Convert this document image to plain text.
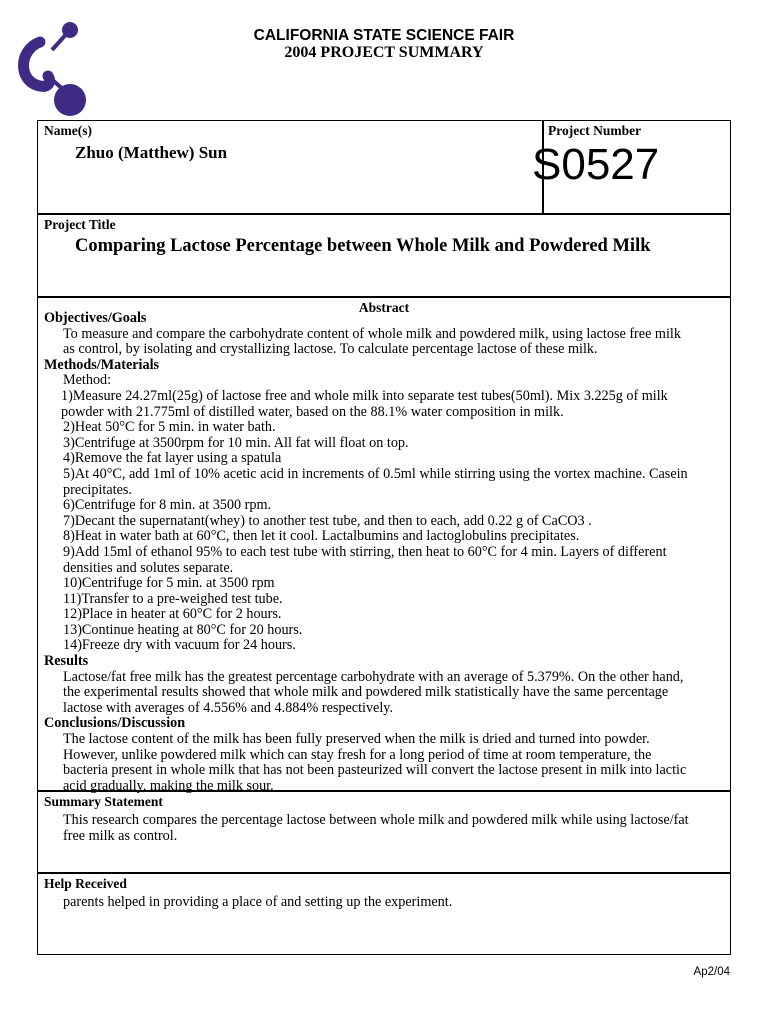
CALIFORNIA STATE SCIENCE FAIR
2004 PROJECT SUMMARY
Name(s)
Zhuo (Matthew) Sun
Project Number
S0527
Project Title
Comparing Lactose Percentage between Whole Milk and Powdered Milk
Abstract
Objectives/Goals
To measure and compare the carbohydrate content of whole milk and powdered milk, using lactose free milk as control, by isolating and crystallizing lactose. To calculate percentage lactose of these milk.
Methods/Materials
Method:
1)Measure 24.27ml(25g) of lactose free and whole milk into separate test tubes(50ml). Mix 3.225g of milk powder with 21.775ml of distilled water, based on the 88.1% water composition in milk.
2)Heat 50°C for 5 min. in water bath.
3)Centrifuge at 3500rpm for 10 min. All fat will float on top.
4)Remove the fat layer using a spatula
5)At 40°C, add 1ml of 10% acetic acid in increments of 0.5ml while stirring using the vortex machine. Casein precipitates.
6)Centrifuge for 8 min. at 3500 rpm.
7)Decant the supernatant(whey) to another test tube, and then to each, add 0.22 g of CaCO3 .
8)Heat in water bath at 60°C, then let it cool. Lactalbumins and lactoglobulins precipitates.
9)Add 15ml of ethanol 95% to each test tube with stirring, then heat to 60°C for 4 min. Layers of different densities and solutes separate.
10)Centrifuge for 5 min. at 3500 rpm
11)Transfer to a pre-weighed test tube.
12)Place in heater at 60°C for 2 hours.
13)Continue heating at 80°C for 20 hours.
14)Freeze dry with vacuum for 24 hours.
Results
Lactose/fat free milk has the greatest percentage carbohydrate with an average of 5.379%. On the other hand, the experimental results showed that whole milk and powdered milk statistically have the same percentage lactose with averages of 4.556% and 4.884% respectively.
Conclusions/Discussion
The lactose content of the milk has been fully preserved when the milk is dried and turned into powder. However, unlike powdered milk which can stay fresh for a long period of time at room temperature, the bacteria present in whole milk that has not been pasteurized will convert the lactose present in milk into lactic acid gradually, making the milk sour.
Summary Statement
This research compares the percentage lactose between whole milk and powdered milk while using lactose/fat free milk as control.
Help Received
parents helped in providing a place of and setting up the experiment.
Ap2/04
